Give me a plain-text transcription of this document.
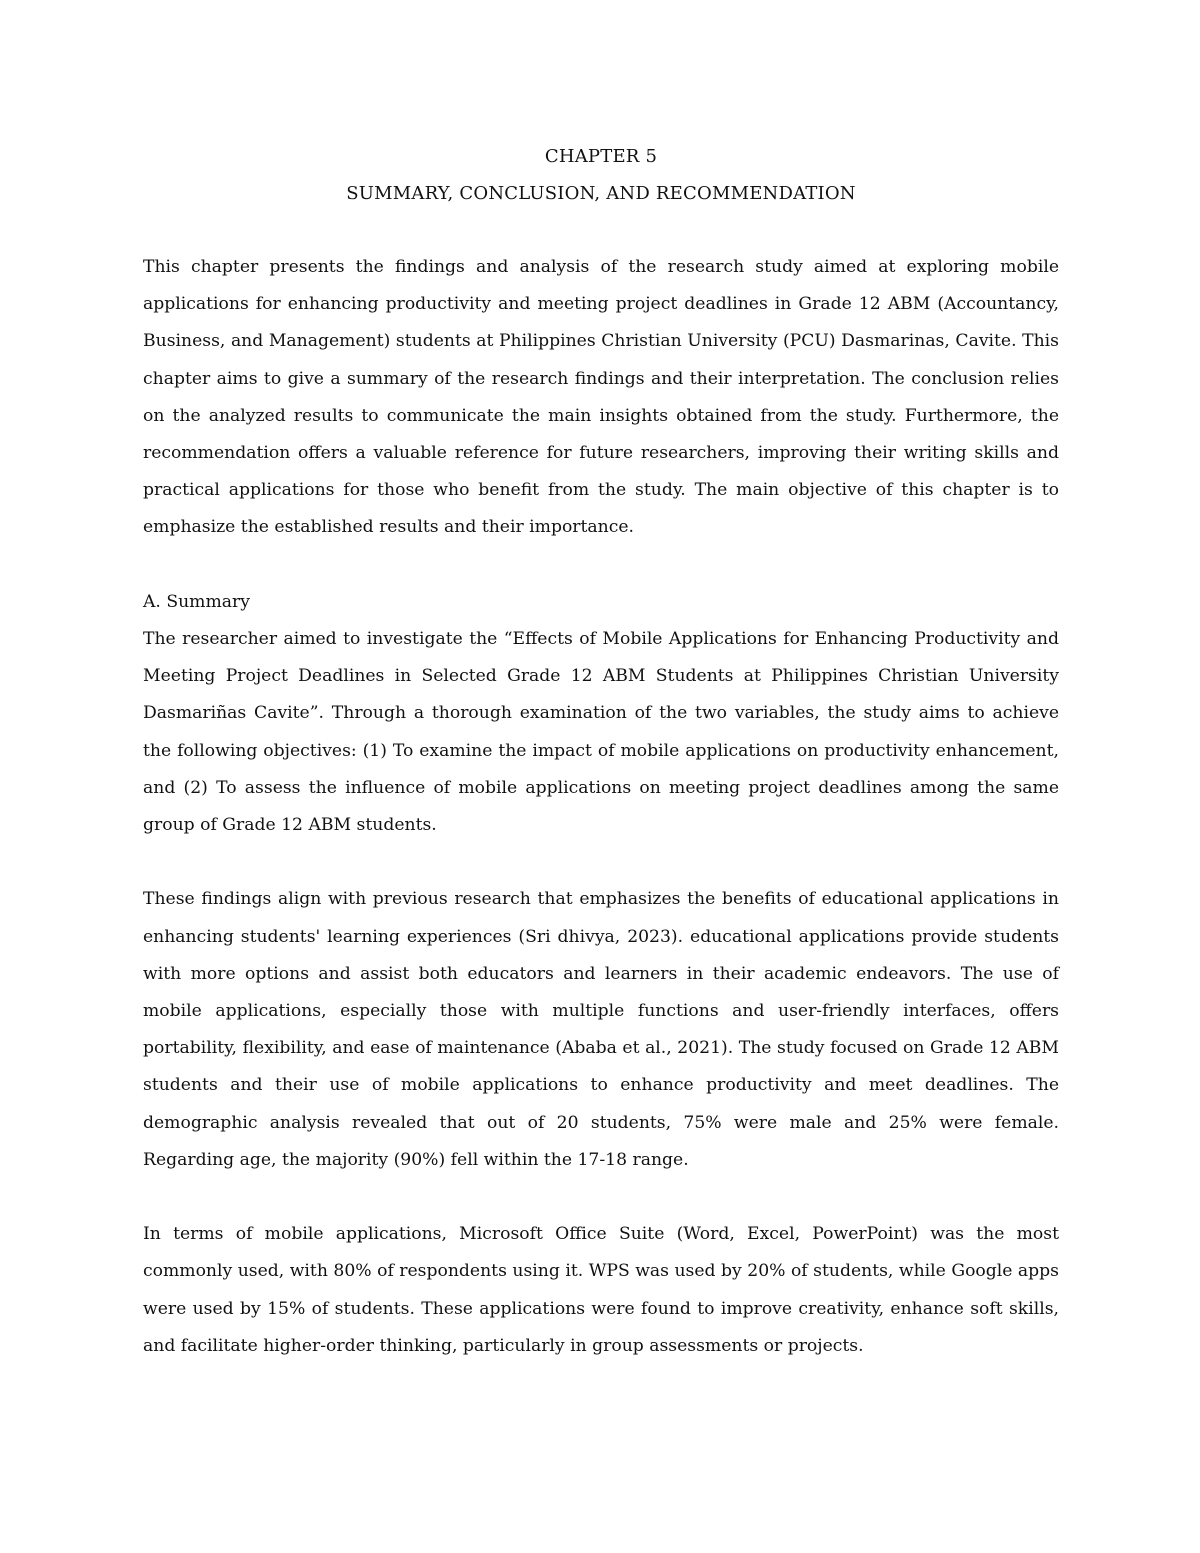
CHAPTER 5
SUMMARY, CONCLUSION, AND RECOMMENDATION

This chapter presents the findings and analysis of the research study aimed at exploring mobile applications for enhancing productivity and meeting project deadlines in Grade 12 ABM (Accountancy, Business, and Management) students at Philippines Christian University (PCU) Dasmarinas, Cavite. This chapter aims to give a summary of the research findings and their interpretation. The conclusion relies on the analyzed results to communicate the main insights obtained from the study. Furthermore, the recommendation offers a valuable reference for future researchers, improving their writing skills and practical applications for those who benefit from the study. The main objective of this chapter is to emphasize the established results and their importance.

A. Summary

The researcher aimed to investigate the “Effects of Mobile Applications for Enhancing Productivity and Meeting Project Deadlines in Selected Grade 12 ABM Students at Philippines Christian University Dasmariñas Cavite”. Through a thorough examination of the two variables, the study aims to achieve the following objectives: (1) To examine the impact of mobile applications on productivity enhancement, and (2) To assess the influence of mobile applications on meeting project deadlines among the same group of Grade 12 ABM students.

These findings align with previous research that emphasizes the benefits of educational applications in enhancing students' learning experiences (Sri dhivya, 2023). educational applications provide students with more options and assist both educators and learners in their academic endeavors. The use of mobile applications, especially those with multiple functions and user-friendly interfaces, offers portability, flexibility, and ease of maintenance (Ababa et al., 2021). The study focused on Grade 12 ABM students and their use of mobile applications to enhance productivity and meet deadlines. The demographic analysis revealed that out of 20 students, 75% were male and 25% were female. Regarding age, the majority (90%) fell within the 17-18 range.

In terms of mobile applications, Microsoft Office Suite (Word, Excel, PowerPoint) was the most commonly used, with 80% of respondents using it. WPS was used by 20% of students, while Google apps were used by 15% of students. These applications were found to improve creativity, enhance soft skills, and facilitate higher-order thinking, particularly in group assessments or projects.
